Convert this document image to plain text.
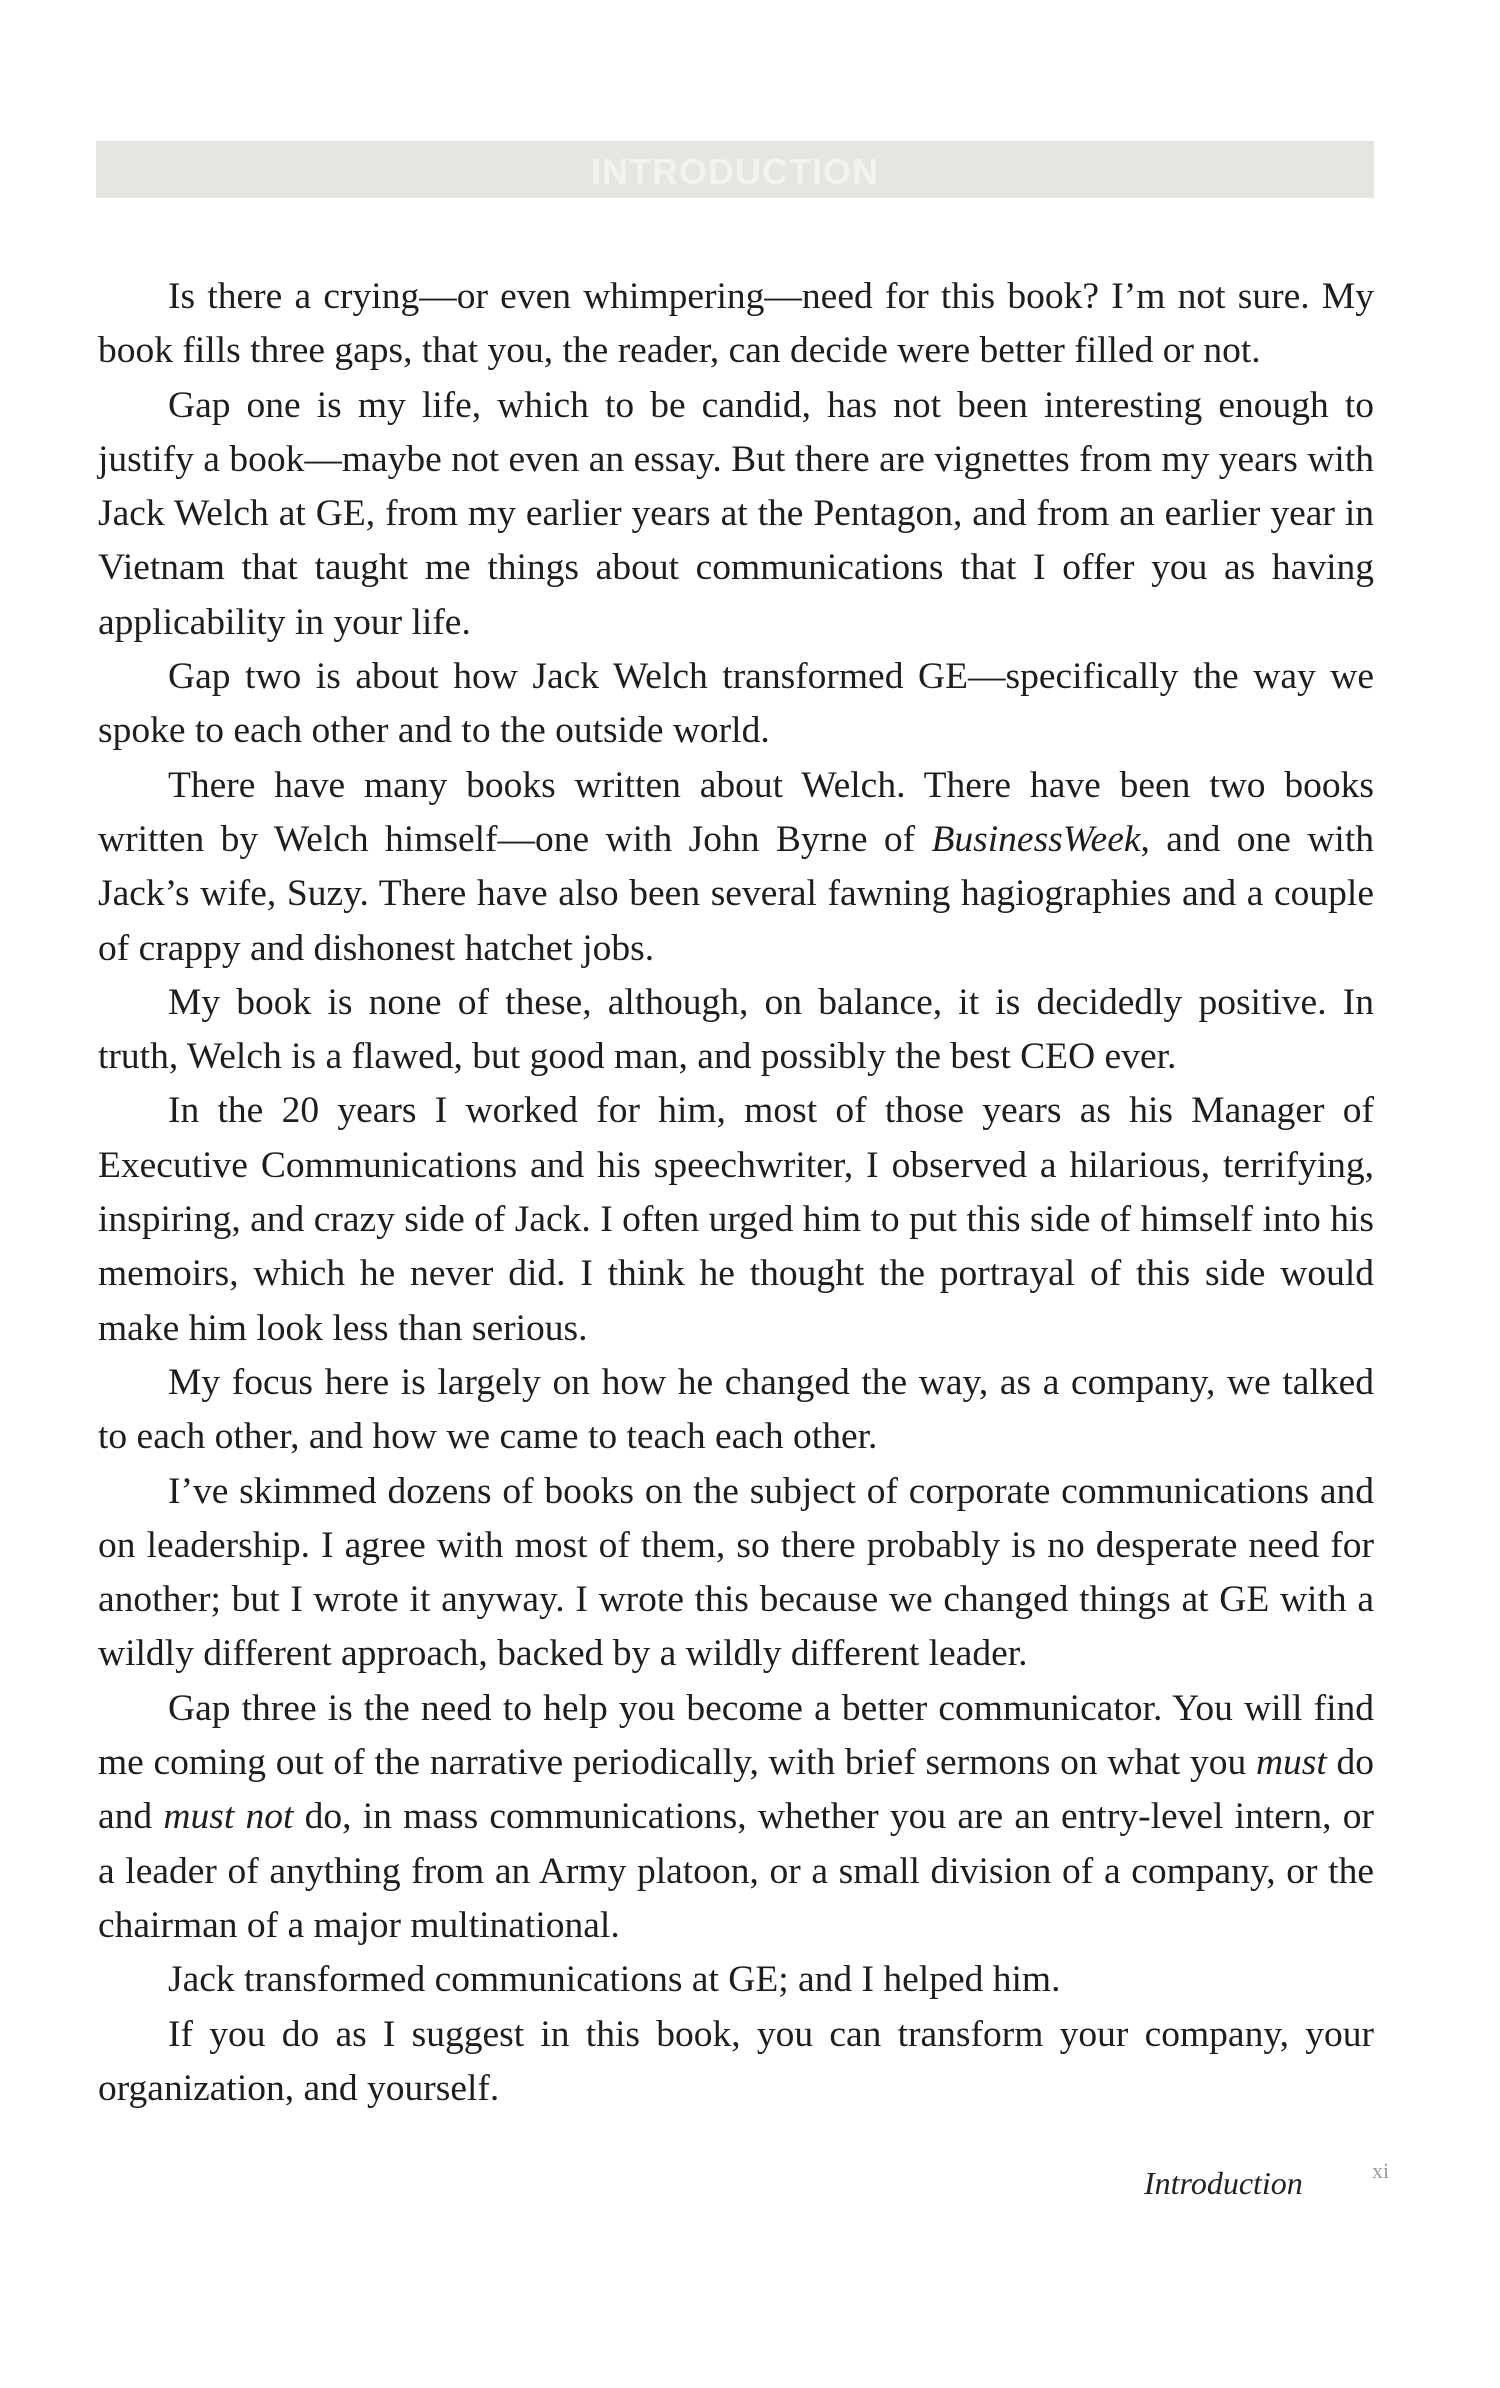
INTRODUCTION

Is there a crying—or even whimpering—need for this book? I’m not sure. My book fills three gaps, that you, the reader, can decide were better filled or not.

Gap one is my life, which to be candid, has not been interesting enough to justify a book—maybe not even an essay. But there are vignettes from my years with Jack Welch at GE, from my earlier years at the Pentagon, and from an earlier year in Vietnam that taught me things about communications that I offer you as having applicability in your life.

Gap two is about how Jack Welch transformed GE—specifically the way we spoke to each other and to the outside world.

There have many books written about Welch. There have been two books written by Welch himself—one with John Byrne of BusinessWeek, and one with Jack’s wife, Suzy. There have also been several fawning hagiographies and a couple of crappy and dishonest hatchet jobs.

My book is none of these, although, on balance, it is decidedly positive. In truth, Welch is a flawed, but good man, and possibly the best CEO ever.

In the 20 years I worked for him, most of those years as his Manager of Executive Communications and his speechwriter, I observed a hilarious, terrifying, inspiring, and crazy side of Jack. I often urged him to put this side of himself into his memoirs, which he never did. I think he thought the portrayal of this side would make him look less than serious.

My focus here is largely on how he changed the way, as a company, we talked to each other, and how we came to teach each other.

I’ve skimmed dozens of books on the subject of corporate communications and on leadership. I agree with most of them, so there probably is no desperate need for another; but I wrote it anyway. I wrote this because we changed things at GE with a wildly different approach, backed by a wildly different leader.

Gap three is the need to help you become a better communicator. You will find me coming out of the narrative periodically, with brief sermons on what you must do and must not do, in mass communications, whether you are an entry-level intern, or a leader of anything from an Army platoon, or a small division of a company, or the chairman of a major multinational.

Jack transformed communications at GE; and I helped him.

If you do as I suggest in this book, you can transform your company, your organization, and yourself.

Introduction	xi
